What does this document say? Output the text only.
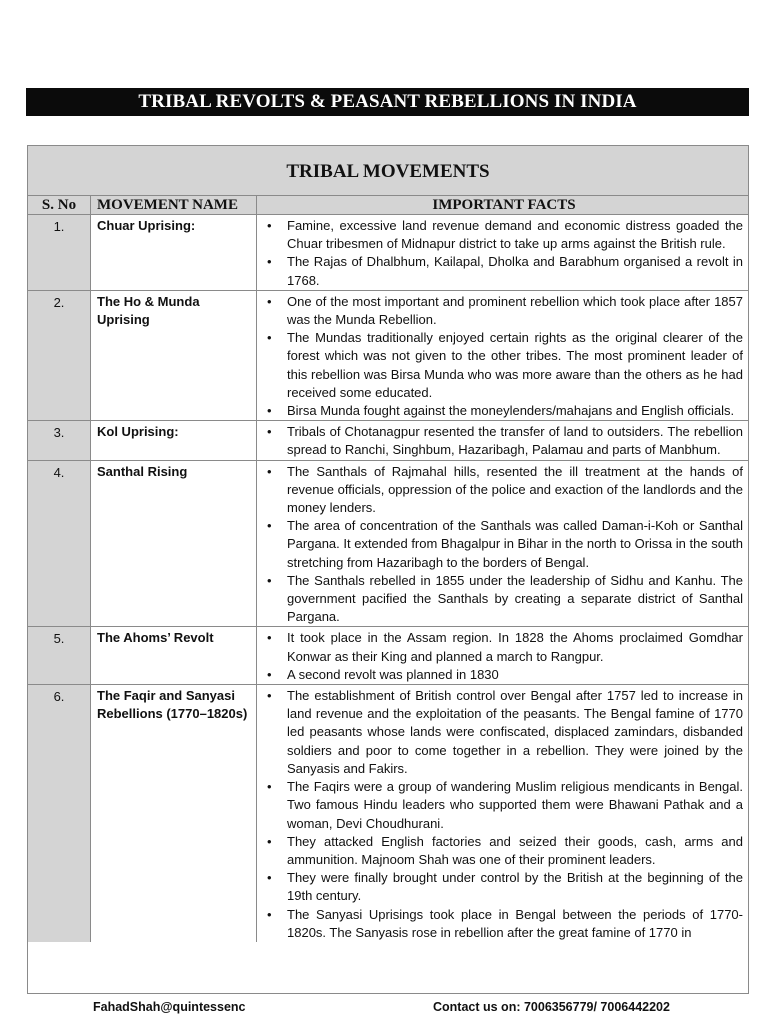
TRIBAL REVOLTS & PEASANT REBELLIONS IN INDIA
TRIBAL MOVEMENTS
S. No	MOVEMENT NAME	IMPORTANT FACTS
1.	Chuar Uprising:	• Famine, excessive land revenue demand and economic distress goaded the Chuar tribesmen of Midnapur district to take up arms against the British rule.
• The Rajas of Dhalbhum, Kailapal, Dholka and Barabhum organised a revolt in 1768.
2.	The Ho & Munda Uprising
• One of the most important and prominent rebellion which took place after 1857 was the Munda Rebellion.
• The Mundas traditionally enjoyed certain rights as the original clearer of the forest which was not given to the other tribes. The most prominent leader of this rebellion was Birsa Munda who was more aware than the others as he had received some educated.
• Birsa Munda fought against the moneylenders/mahajans and English officials.
3.	Kol Uprising:	• Tribals of Chotanagpur resented the transfer of land to outsiders. The rebellion spread to Ranchi, Singhbum, Hazaribagh, Palamau and parts of Manbhum.
4.	Santhal Rising	• The Santhals of Rajmahal hills, resented the ill treatment at the hands of revenue officials, oppression of the police and exaction of the landlords and the money lenders.
• The area of concentration of the Santhals was called Daman-i-Koh or Santhal Pargana. It extended from Bhagalpur in Bihar in the north to Orissa in the south stretching from Hazaribagh to the borders of Bengal.
• The Santhals rebelled in 1855 under the leadership of Sidhu and Kanhu. The government pacified the Santhals by creating a separate district of Santhal Pargana.
5.	The Ahoms’ Revolt	• It took place in the Assam region. In 1828 the Ahoms proclaimed Gomdhar Konwar as their King and planned a march to Rangpur.
• A second revolt was planned in 1830
6.	The Faqir and Sanyasi Rebellions (1770–1820s)
• The establishment of British control over Bengal after 1757 led to increase in land revenue and the exploitation of the peasants. The Bengal famine of 1770 led peasants whose lands were confiscated, displaced zamindars, disbanded soldiers and poor to come together in a rebellion. They were joined by the Sanyasis and Fakirs.
• The Faqirs were a group of wandering Muslim religious mendicants in Bengal. Two famous Hindu leaders who supported them were Bhawani Pathak and a woman, Devi Choudhurani.
• They attacked English factories and seized their goods, cash, arms and ammunition. Majnoom Shah was one of their prominent leaders.
• They were finally brought under control by the British at the beginning of the 19th century.
• The Sanyasi Uprisings took place in Bengal between the periods of 1770-1820s. The Sanyasis rose in rebellion after the great famine of 1770 in
FahadShah@quintessenc	Contact us on: 7006356779/ 7006442202
